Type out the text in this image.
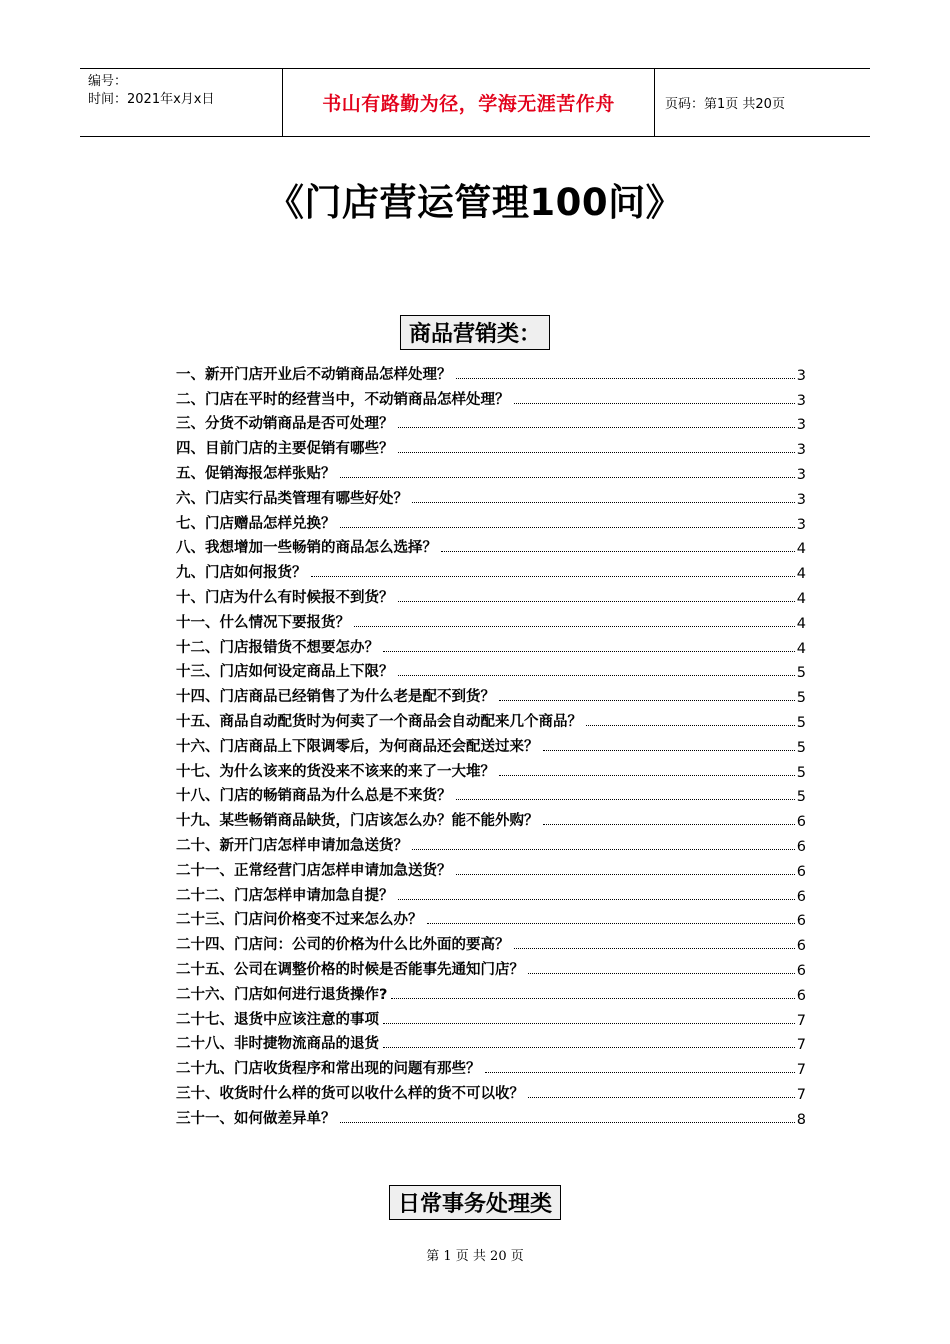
编号：
时间：2021年x月x日	书山有路勤为径，学海无涯苦作舟	页码：第1页 共20页
《门店营运管理100问》
商品营销类：
一、新开门店开业后不动销商品怎样处理？	3
二、门店在平时的经营当中，不动销商品怎样处理？	3
三、分货不动销商品是否可处理？	3
四、目前门店的主要促销有哪些？	3
五、促销海报怎样张贴？	3
六、门店实行品类管理有哪些好处？	3
七、门店赠品怎样兑换？	3
八、我想增加一些畅销的商品怎么选择？	4
九、门店如何报货？	4
十、门店为什么有时候报不到货？	4
十一、什么情况下要报货？	4
十二、门店报错货不想要怎办？	4
十三、门店如何设定商品上下限？	5
十四、门店商品已经销售了为什么老是配不到货？	5
十五、商品自动配货时为何卖了一个商品会自动配来几个商品？	5
十六、门店商品上下限调零后，为何商品还会配送过来？	5
十七、为什么该来的货没来不该来的来了一大堆？	5
十八、门店的畅销商品为什么总是不来货？	5
十九、某些畅销商品缺货，门店该怎么办？能不能外购？	6
二十、新开门店怎样申请加急送货？	6
二十一、正常经营门店怎样申请加急送货？	6
二十二、门店怎样申请加急自提？	6
二十三、门店问价格变不过来怎么办？	6
二十四、门店问：公司的价格为什么比外面的要高？	6
二十五、公司在调整价格的时候是否能事先通知门店？	6
二十六、门店如何进行退货操作?	6
二十七、退货中应该注意的事项	7
二十八、非时捷物流商品的退货	7
二十九、门店收货程序和常出现的问题有那些？	7
三十、收货时什么样的货可以收什么样的货不可以收？	7
三十一、如何做差异单？	8
日常事务处理类
第 1 页 共 20 页
